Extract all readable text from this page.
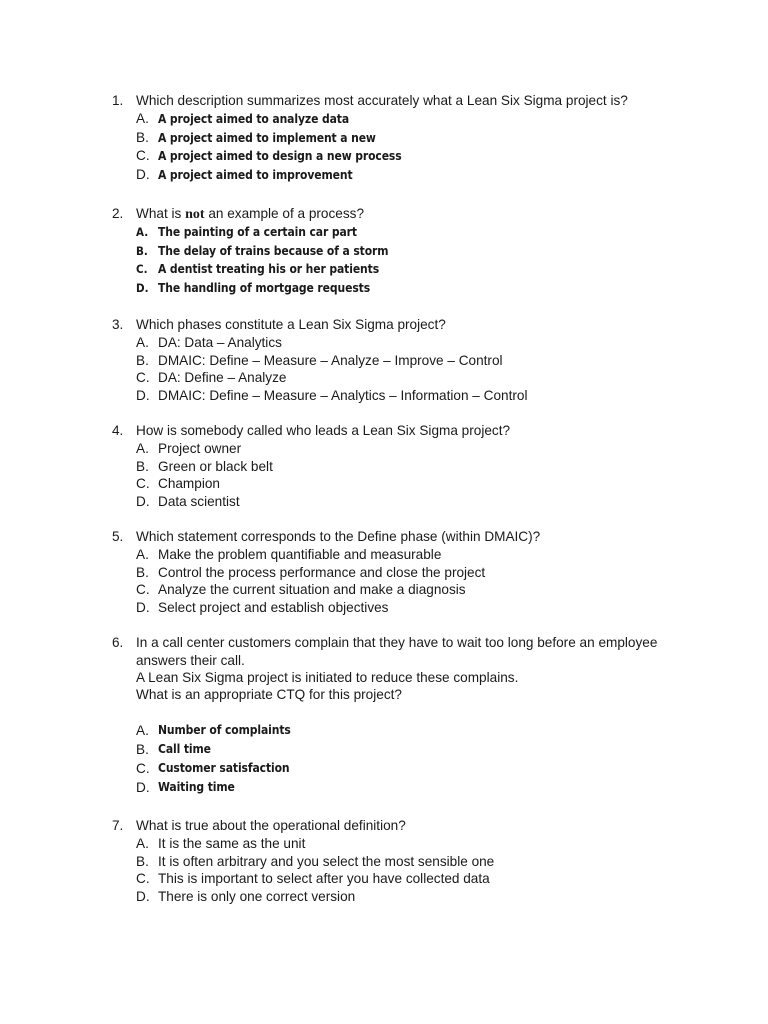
1. Which description summarizes most accurately what a Lean Six Sigma project is?
A. A project aimed to analyze data
B. A project aimed to implement a new
C. A project aimed to design a new process
D. A project aimed to improvement
2. What is not an example of a process?
A. The painting of a certain car part
B. The delay of trains because of a storm
C. A dentist treating his or her patients
D. The handling of mortgage requests
3. Which phases constitute a Lean Six Sigma project?
A. DA: Data – Analytics
B. DMAIC: Define – Measure – Analyze – Improve – Control
C. DA: Define – Analyze
D. DMAIC: Define – Measure – Analytics – Information – Control
4. How is somebody called who leads a Lean Six Sigma project?
A. Project owner
B. Green or black belt
C. Champion
D. Data scientist
5. Which statement corresponds to the Define phase (within DMAIC)?
A. Make the problem quantifiable and measurable
B. Control the process performance and close the project
C. Analyze the current situation and make a diagnosis
D. Select project and establish objectives
6. In a call center customers complain that they have to wait too long before an employee
answers their call.
A Lean Six Sigma project is initiated to reduce these complains.
What is an appropriate CTQ for this project?
A. Number of complaints
B. Call time
C. Customer satisfaction
D. Waiting time
7. What is true about the operational definition?
A. It is the same as the unit
B. It is often arbitrary and you select the most sensible one
C. This is important to select after you have collected data
D. There is only one correct version
